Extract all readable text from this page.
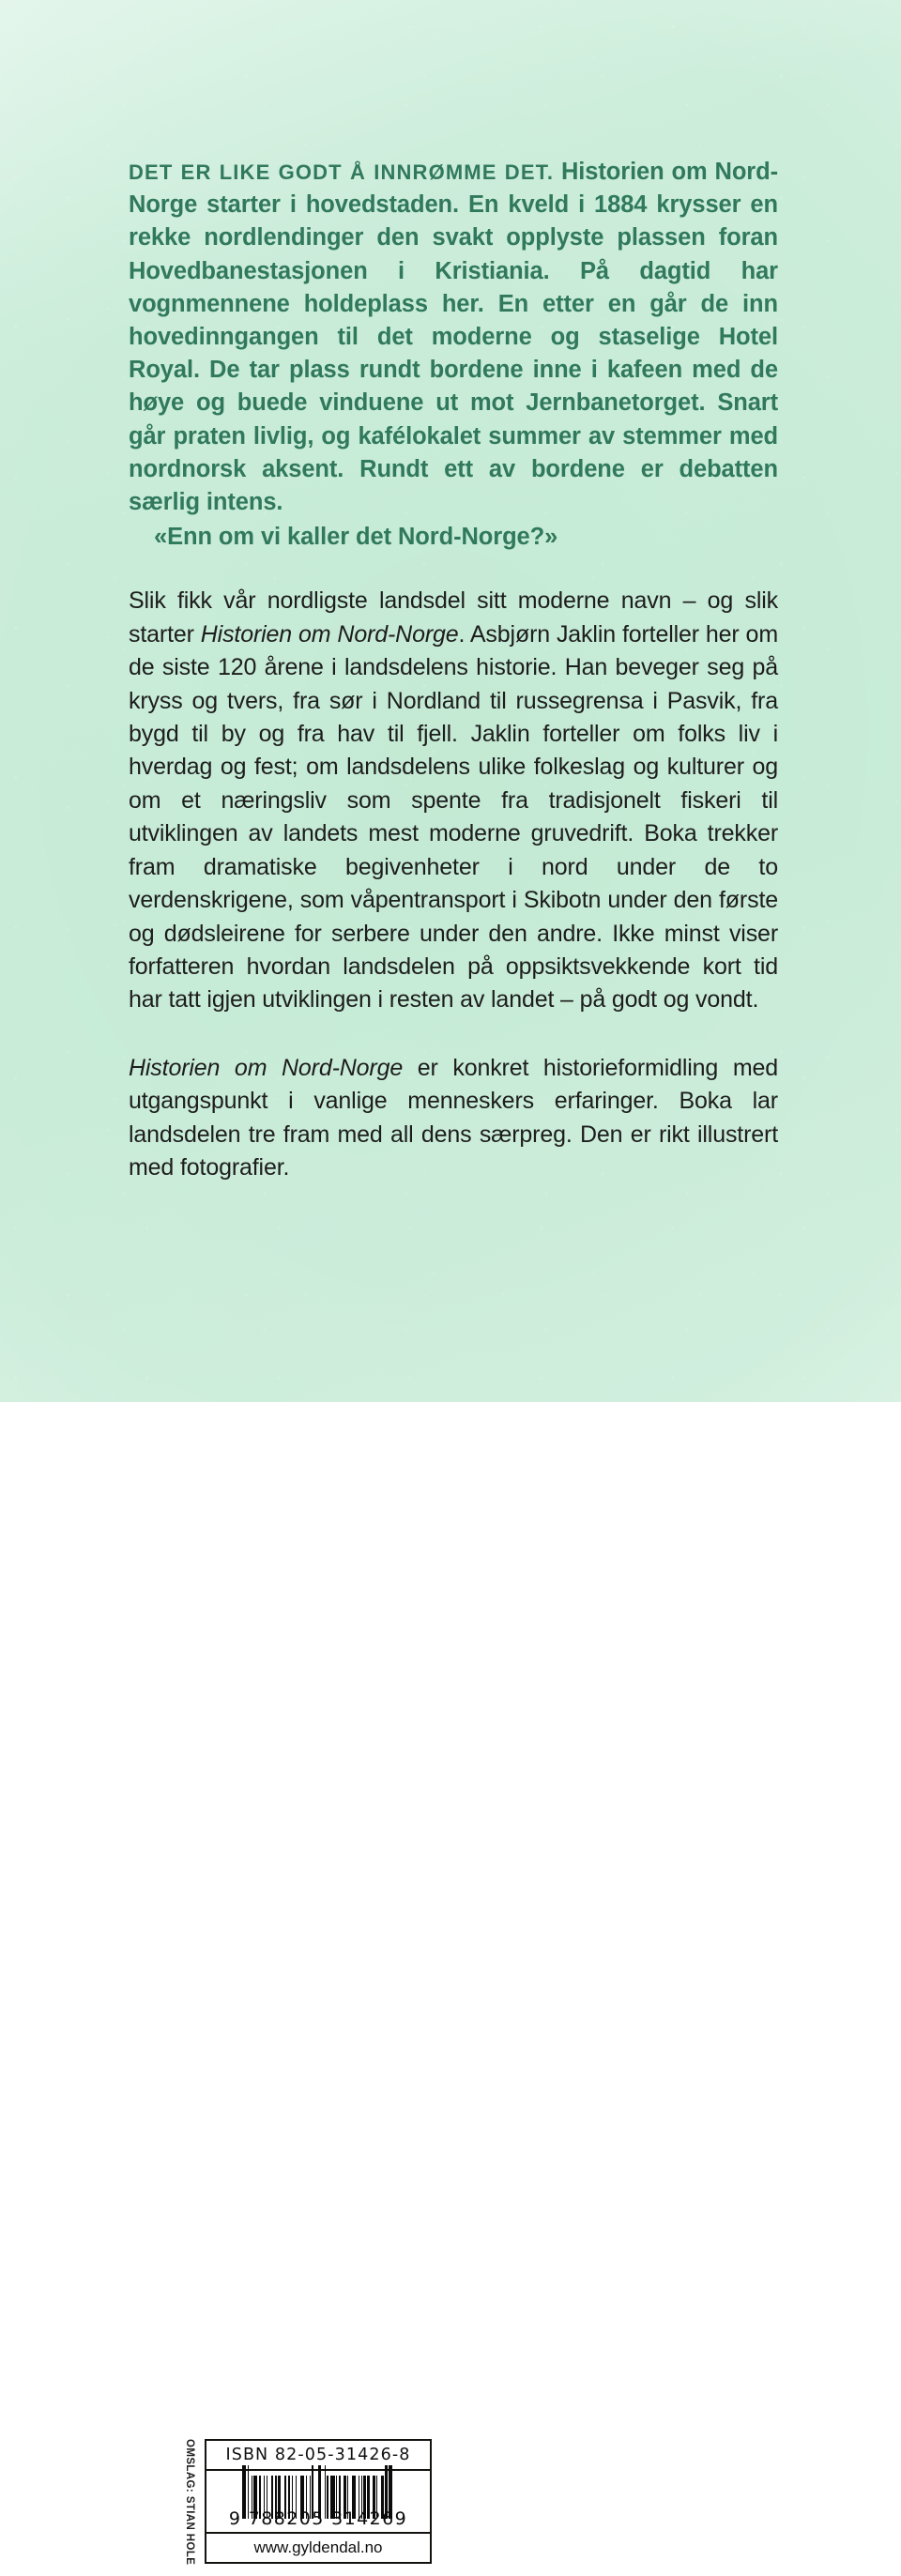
DET ER LIKE GODT Å INNRØMME DET. Historien om Nord-Norge starter i hovedstaden. En kveld i 1884 krysser en rekke nordlendinger den svakt opplyste plassen foran Hovedbanestasjonen i Kristiania. På dagtid har vognmennene holdeplass her. En etter en går de inn hovedinngangen til det moderne og staselige Hotel Royal. De tar plass rundt bordene inne i kafeen med de høye og buede vinduene ut mot Jernbanetorget. Snart går praten livlig, og kafélokalet summer av stemmer med nordnorsk aksent. Rundt ett av bordene er debatten særlig intens.
«Enn om vi kaller det Nord-Norge?»

Slik fikk vår nordligste landsdel sitt moderne navn – og slik starter Historien om Nord-Norge. Asbjørn Jaklin forteller her om de siste 120 årene i landsdelens historie. Han beveger seg på kryss og tvers, fra sør i Nordland til russegrensa i Pasvik, fra bygd til by og fra hav til fjell. Jaklin forteller om folks liv i hverdag og fest; om landsdelens ulike folkeslag og kulturer og om et næringsliv som spente fra tradisjonelt fiskeri til utviklingen av landets mest moderne gruvedrift. Boka trekker fram dramatiske begivenheter i nord under de to verdenskrigene, som våpentransport i Skibotn under den første og dødsleirene for serbere under den andre. Ikke minst viser forfatteren hvordan landsdelen på oppsiktsvekkende kort tid har tatt igjen utviklingen i resten av landet – på godt og vondt.

Historien om Nord-Norge er konkret historieformidling med utgangspunkt i vanlige menneskers erfaringer. Boka lar landsdelen tre fram med all dens særpreg. Den er rikt illustrert med fotografier.

OMSLAG: STIAN HOLE	ISBN 82-05-31426-8
9 788205 314269
www.gyldendal.no	GYLDENDAL
